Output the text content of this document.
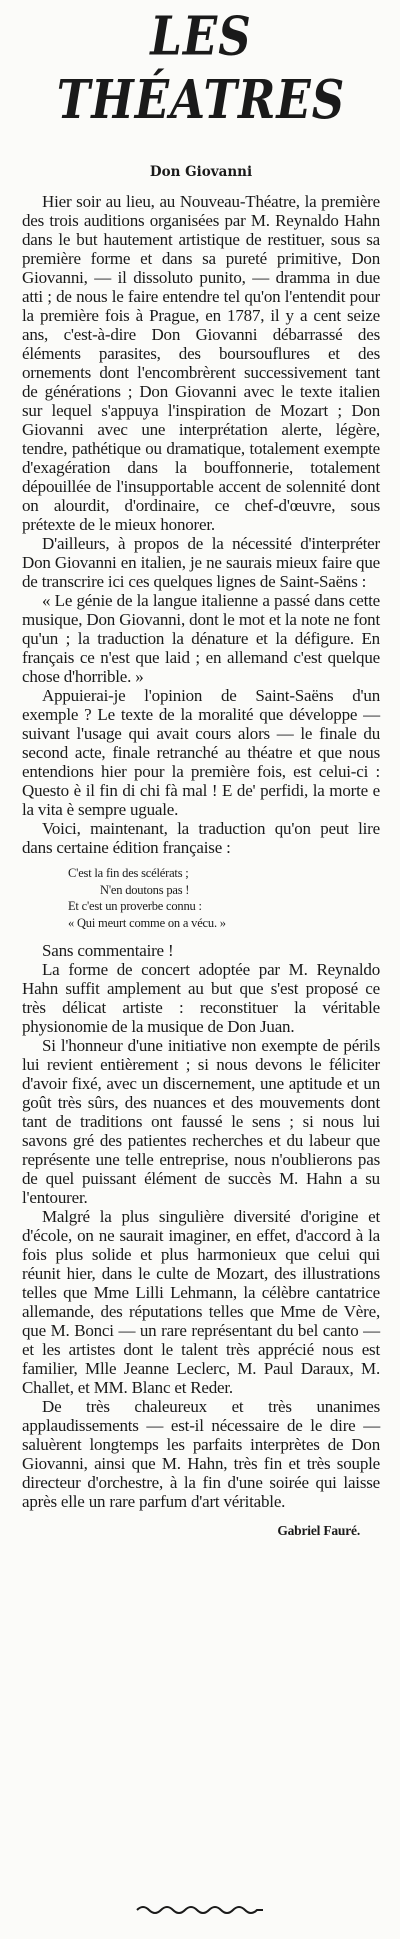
LES THÉATRES
Don Giovanni

Hier soir au lieu, au Nouveau-Théatre, la première des trois auditions organisées par M. Reynaldo Hahn dans le but hautement artistique de restituer, sous sa première forme et dans sa pureté primitive, Don Giovanni, — il dissoluto punito, — dramma in due atti ; de nous le faire entendre tel qu'on l'entendit pour la première fois à Prague, en 1787, il y a cent seize ans, c'est-à-dire Don Giovanni débarrassé des éléments parasites, des boursouflures et des ornements dont l'encombrèrent successivement tant de générations ; Don Giovanni avec le texte italien sur lequel s'appuya l'inspiration de Mozart ; Don Giovanni avec une interprétation alerte, légère, tendre, pathétique ou dramatique, totalement exempte d'exagération dans la bouffonnerie, totalement dépouillée de l'insupportable accent de solennité dont on alourdit, d'ordinaire, ce chef-d'œuvre, sous prétexte de le mieux honorer.

D'ailleurs, à propos de la nécessité d'interpréter Don Giovanni en italien, je ne saurais mieux faire que de transcrire ici ces quelques lignes de Saint-Saëns :

« Le génie de la langue italienne a passé dans cette musique, Don Giovanni, dont le mot et la note ne font qu'un ; la traduction la dénature et la défigure. En français ce n'est que laid ; en allemand c'est quelque chose d'horrible. »

Appuierai-je l'opinion de Saint-Saëns d'un exemple ? Le texte de la moralité que développe — suivant l'usage qui avait cours alors — le finale du second acte, finale retranché au théatre et que nous entendions hier pour la première fois, est celui-ci : Questo è il fin di chi fà mal ! E de' perfidi, la morte e la vita è sempre uguale.

Voici, maintenant, la traduction qu'on peut lire dans certaine édition française :

C'est la fin des scélérats ;
N'en doutons pas !
Et c'est un proverbe connu :
« Qui meurt comme on a vécu. »

Sans commentaire !

La forme de concert adoptée par M. Reynaldo Hahn suffit amplement au but que s'est proposé ce très délicat artiste : reconstituer la véritable physionomie de la musique de Don Juan.

Si l'honneur d'une initiative non exempte de périls lui revient entièrement ; si nous devons le féliciter d'avoir fixé, avec un discernement, une aptitude et un goût très sûrs, des nuances et des mouvements dont tant de traditions ont faussé le sens ; si nous lui savons gré des patientes recherches et du labeur que représente une telle entreprise, nous n'oublierons pas de quel puissant élément de succès M. Hahn a su l'entourer.

Malgré la plus singulière diversité d'origine et d'école, on ne saurait imaginer, en effet, d'accord à la fois plus solide et plus harmonieux que celui qui réunit hier, dans le culte de Mozart, des illustrations telles que Mme Lilli Lehmann, la célèbre cantatrice allemande, des réputations telles que Mme de Vère, que M. Bonci — un rare représentant du bel canto — et les artistes dont le talent très apprécié nous est familier, Mlle Jeanne Leclerc, M. Paul Daraux, M. Challet, et MM. Blanc et Reder.

De très chaleureux et très unanimes applaudissements — est-il nécessaire de le dire — saluèrent longtemps les parfaits interprètes de Don Giovanni, ainsi que M. Hahn, très fin et très souple directeur d'orchestre, à la fin d'une soirée qui laisse après elle un rare parfum d'art véritable.

Gabriel Fauré.
